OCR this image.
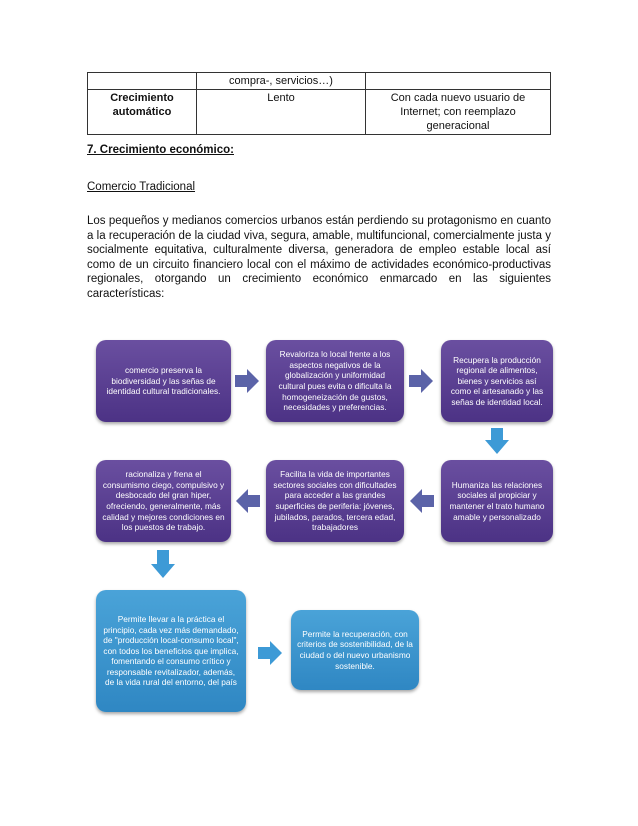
	compra-, servicios…)	
Crecimiento automático	Lento	Con cada nuevo usuario de Internet; con reemplazo generacional
7. Crecimiento económico:
Comercio Tradicional
Los pequeños y medianos comercios urbanos están perdiendo su protagonismo en cuanto a la recuperación de la ciudad viva, segura, amable, multifuncional, comercialmente justa y socialmente equitativa, culturalmente diversa, generadora de empleo estable local así como de un circuito financiero local con el máximo de actividades económico-productivas regionales, otorgando un crecimiento económico enmarcado en las siguientes características:
comercio preserva la biodiversidad y las señas de identidad cultural tradicionales.
Revaloriza lo local frente a los aspectos negativos de la globalización y uniformidad cultural pues evita o dificulta la homogeneización de gustos, necesidades y preferencias.
Recupera la producción regional de alimentos, bienes y servicios así como el artesanado y las señas de identidad local.
Humaniza las relaciones sociales al propiciar y mantener el trato humano amable y personalizado
Facilita la vida de importantes sectores sociales con dificultades para acceder a las grandes superficies de periferia: jóvenes, jubilados, parados, tercera edad, trabajadores
racionaliza y frena el consumismo ciego, compulsivo y desbocado del gran hiper, ofreciendo, generalmente, más calidad y mejores condiciones en los puestos de trabajo.
Permite llevar a la práctica el principio, cada vez más demandado, de "producción local-consumo local", con todos los beneficios que implica, fomentando el consumo crítico y responsable revitalizador, además, de la vida rural del entorno, del país
Permite la recuperación, con criterios de sostenibilidad, de la ciudad o del nuevo urbanismo sostenible.
